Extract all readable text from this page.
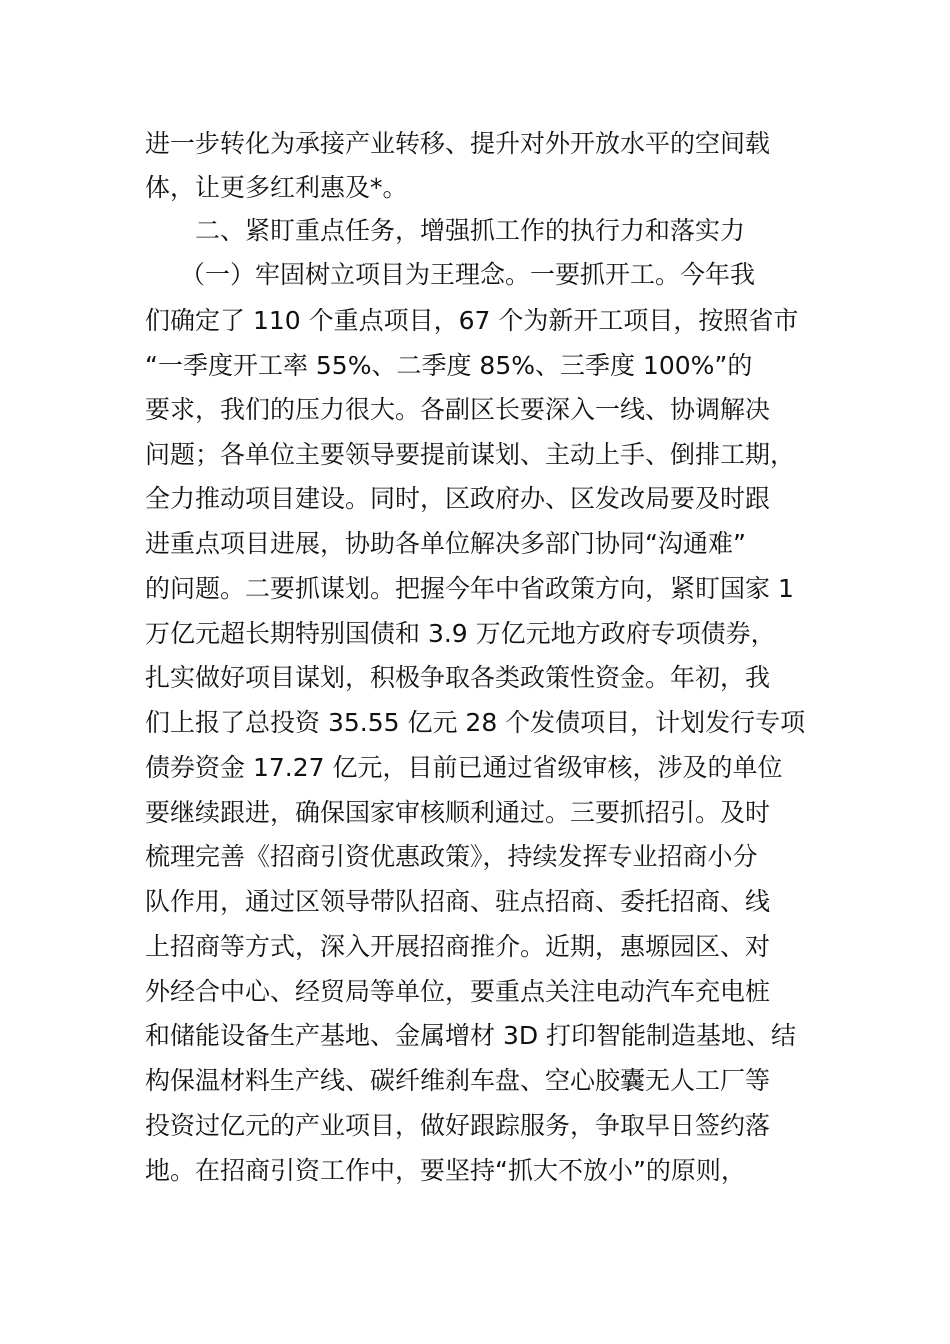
进一步转化为承接产业转移、提升对外开放水平的空间载
体，让更多红利惠及*。
二、紧盯重点任务，增强抓工作的执行力和落实力
（一）牢固树立项目为王理念。一要抓开工。今年我
们确定了 110 个重点项目，67 个为新开工项目，按照省市
“一季度开工率 55%、二季度 85%、三季度 100%”的
要求，我们的压力很大。各副区长要深入一线、协调解决
问题；各单位主要领导要提前谋划、主动上手、倒排工期，
全力推动项目建设。同时，区政府办、区发改局要及时跟
进重点项目进展，协助各单位解决多部门协同“沟通难”
的问题。二要抓谋划。把握今年中省政策方向，紧盯国家 1
万亿元超长期特别国债和 3.9 万亿元地方政府专项债券，
扎实做好项目谋划，积极争取各类政策性资金。年初，我
们上报了总投资 35.55 亿元 28 个发债项目，计划发行专项
债券资金 17.27 亿元，目前已通过省级审核，涉及的单位
要继续跟进，确保国家审核顺利通过。三要抓招引。及时
梳理完善《招商引资优惠政策》，持续发挥专业招商小分
队作用，通过区领导带队招商、驻点招商、委托招商、线
上招商等方式，深入开展招商推介。近期，惠塬园区、对
外经合中心、经贸局等单位，要重点关注电动汽车充电桩
和储能设备生产基地、金属增材 3D 打印智能制造基地、结
构保温材料生产线、碳纤维刹车盘、空心胶囊无人工厂等
投资过亿元的产业项目，做好跟踪服务，争取早日签约落
地。在招商引资工作中，要坚持“抓大不放小”的原则，
